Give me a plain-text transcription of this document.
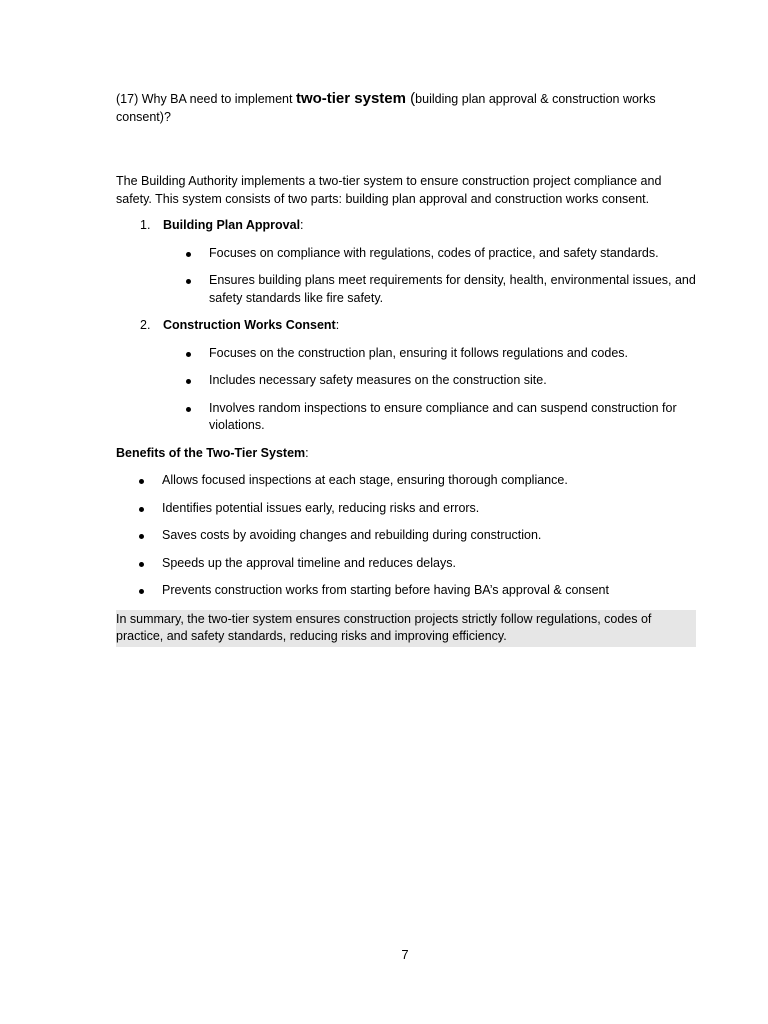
(17) Why BA need to implement two-tier system (building plan approval & construction works consent)?

The Building Authority implements a two-tier system to ensure construction project compliance and safety. This system consists of two parts: building plan approval and construction works consent.

1. Building Plan Approval:
Focuses on compliance with regulations, codes of practice, and safety standards.
Ensures building plans meet requirements for density, health, environmental issues, and safety standards like fire safety.
2. Construction Works Consent:
Focuses on the construction plan, ensuring it follows regulations and codes.
Includes necessary safety measures on the construction site.
Involves random inspections to ensure compliance and can suspend construction for violations.

Benefits of the Two-Tier System:

Allows focused inspections at each stage, ensuring thorough compliance.
Identifies potential issues early, reducing risks and errors.
Saves costs by avoiding changes and rebuilding during construction.
Speeds up the approval timeline and reduces delays.
Prevents construction works from starting before having BA’s approval & consent

In summary, the two-tier system ensures construction projects strictly follow regulations, codes of practice, and safety standards, reducing risks and improving efficiency.

7
